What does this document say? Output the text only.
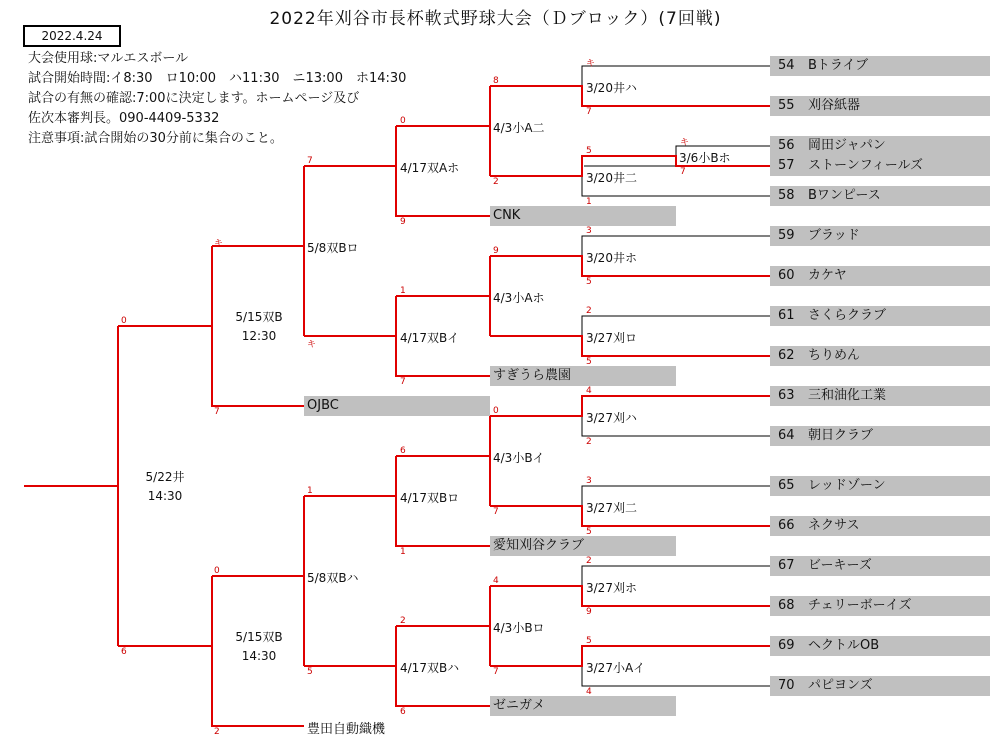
2022年刈谷市長杯軟式野球大会（Ｄブロック）(7回戦)
2022.4.24
大会使用球:マルエスボール
試合開始時間:イ8:30　ロ10:00　ハ11:30　ニ13:00　ホ14:30
試合の有無の確認:7:00に決定します。ホームページ及び
佐次本審判長。090-4409-5332
注意事項:試合開始の30分前に集合のこと。
54 Bトライブ
55 刈谷紙器
56 岡田ジャパン
57 ストーンフィールズ
58 Bワンピース
59 ブラッド
60 カケヤ
61 さくらクラブ
62 ちりめん
63 三和油化工業
64 朝日クラブ
65 レッドゾーン
66 ネクサス
67 ビーキーズ
68 チェリーボーイズ
69 ヘクトルOB
70 パピヨンズ
CNK
すぎうら農園
OJBC
愛知刈谷クラブ
ゼニガメ
豊田自動織機
3/20井ハ
3/6小Bホ
3/20井二
3/20井ホ
3/27刈ロ
3/27刈ハ
3/27刈二
3/27刈ホ
3/27小Aイ
4/3小A二
4/3小Aホ
4/3小Bイ
4/3小Bロ
4/17双Aホ
4/17双Bイ
4/17双Bロ
4/17双Bハ
5/8双Bロ
5/8双Bハ
5/15双B
12:30
5/15双B
14:30
5/22井
14:30
キ
7
キ
7
5
1
3
5
2
5
4
2
3
5
2
9
5
4
8
2
9
0
7
4
7
0
9
1
7
6
1
2
6
7
キ
1
5
キ
7
0
2
0
6
